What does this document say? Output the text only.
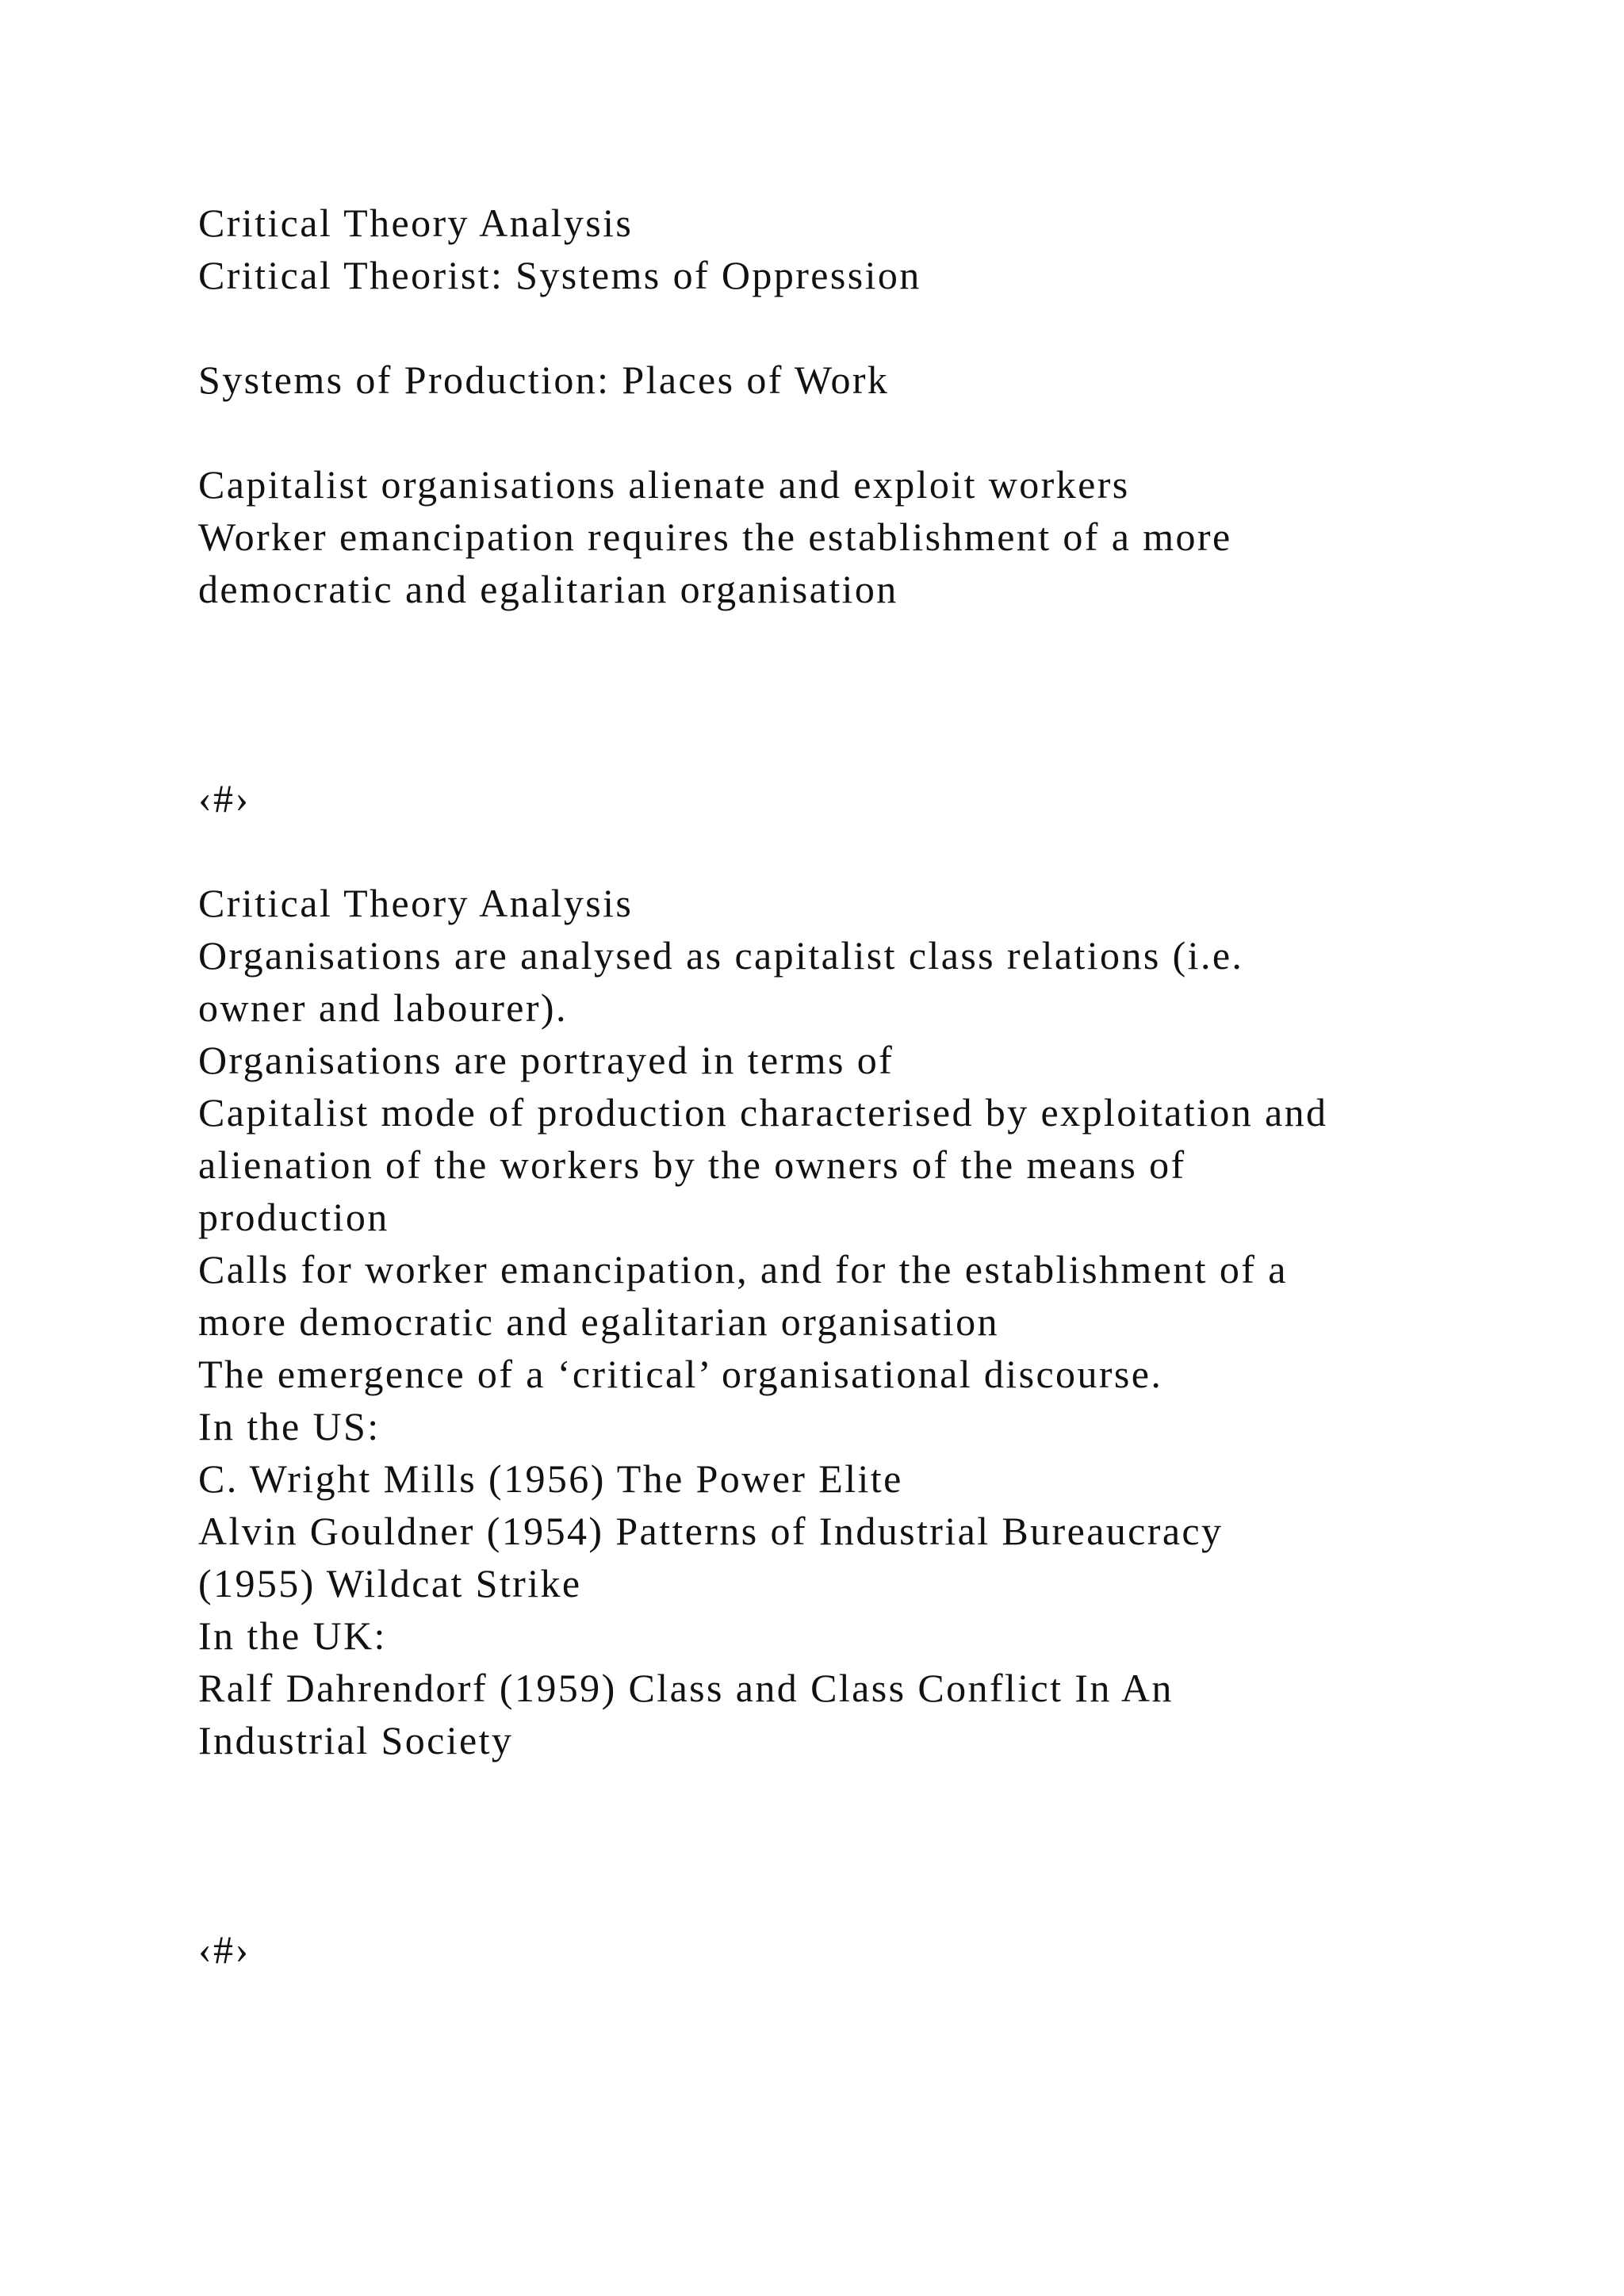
Critical Theory Analysis

Critical Theorist: Systems of Oppression

Systems of Production: Places of Work

Capitalist organisations alienate and exploit workers

Worker emancipation requires the establishment of a more

democratic and egalitarian organisation

‹#›

Critical Theory Analysis

Organisations are analysed as capitalist class relations (i.e.

owner and labourer).

Organisations are portrayed in terms of

Capitalist mode of production characterised by exploitation and

alienation of the workers by the owners of the means of

production

Calls for worker emancipation, and for the establishment of a

more democratic and egalitarian organisation

The emergence of a ‘critical’ organisational discourse.

In the US:

C. Wright Mills (1956) The Power Elite

Alvin Gouldner (1954) Patterns of Industrial Bureaucracy

(1955) Wildcat Strike

In the UK:

Ralf Dahrendorf (1959) Class and Class Conflict In An

Industrial Society

‹#›
